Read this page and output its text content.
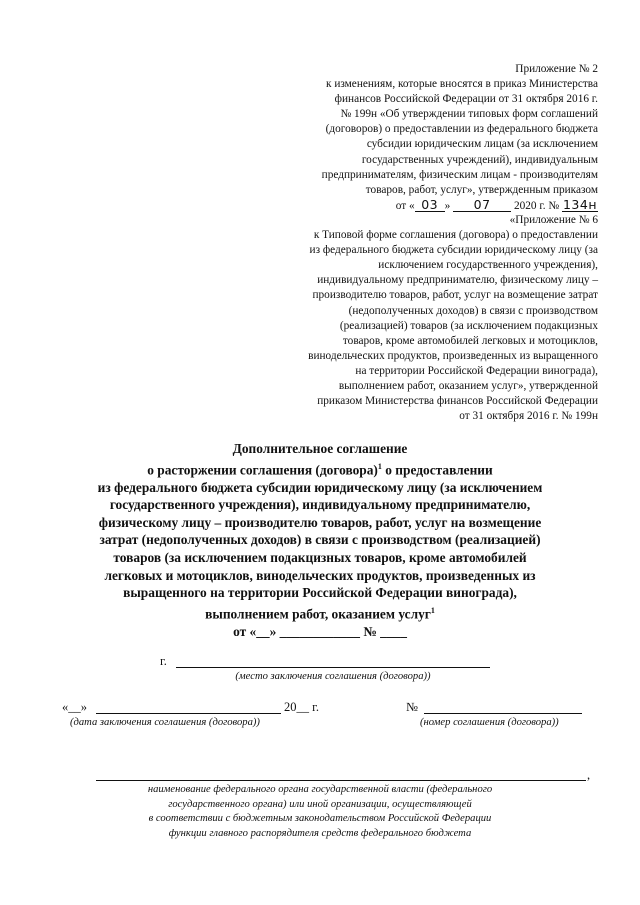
Приложение № 2
к изменениям, которые вносятся в приказ Министерства
финансов Российской Федерации от 31 октября 2016 г.
№ 199н «Об утверждении типовых форм соглашений
(договоров) о предоставлении из федерального бюджета
субсидии юридическим лицам (за исключением
государственных учреждений), индивидуальным
предпринимателям, физическим лицам - производителям
товаров, работ, услуг», утвержденным приказом
от « 03 » 07 2020 г. № 134н
«Приложение № 6
к Типовой форме соглашения (договора) о предоставлении
из федерального бюджета субсидии юридическому лицу (за
исключением государственного учреждения),
индивидуальному предпринимателю, физическому лицу –
производителю товаров, работ, услуг на возмещение затрат
(недополученных доходов) в связи с производством
(реализацией) товаров (за исключением подакцизных
товаров, кроме автомобилей легковых и мотоциклов,
винодельческих продуктов, произведенных из выращенного
на территории Российской Федерации винограда),
выполнением работ, оказанием услуг», утвержденной
приказом Министерства финансов Российской Федерации
от 31 октября 2016 г. № 199н
Дополнительное соглашение
о расторжении соглашения (договора)$^1$ о предоставлении
из федерального бюджета субсидии юридическому лицу (за исключением
государственного учреждения), индивидуальному предпринимателю,
физическому лицу – производителю товаров, работ, услуг на возмещение
затрат (недополученных доходов) в связи с производством (реализацией)
товаров (за исключением подакцизных товаров, кроме автомобилей
легковых и мотоциклов, винодельческих продуктов, произведенных из
выращенного на территории Российской Федерации винограда),
выполнением работ, оказанием услуг$^1$
от «__» ____________ № ____
г.
(место заключения соглашения (договора))
«__»	20__ г.	№
(дата заключения соглашения (договора))	(номер соглашения (договора))
,
наименование федерального органа государственной власти (федерального
государственного органа) или иной организации, осуществляющей
в соответствии с бюджетным законодательством Российской Федерации
функции главного распорядителя средств федерального бюджета
